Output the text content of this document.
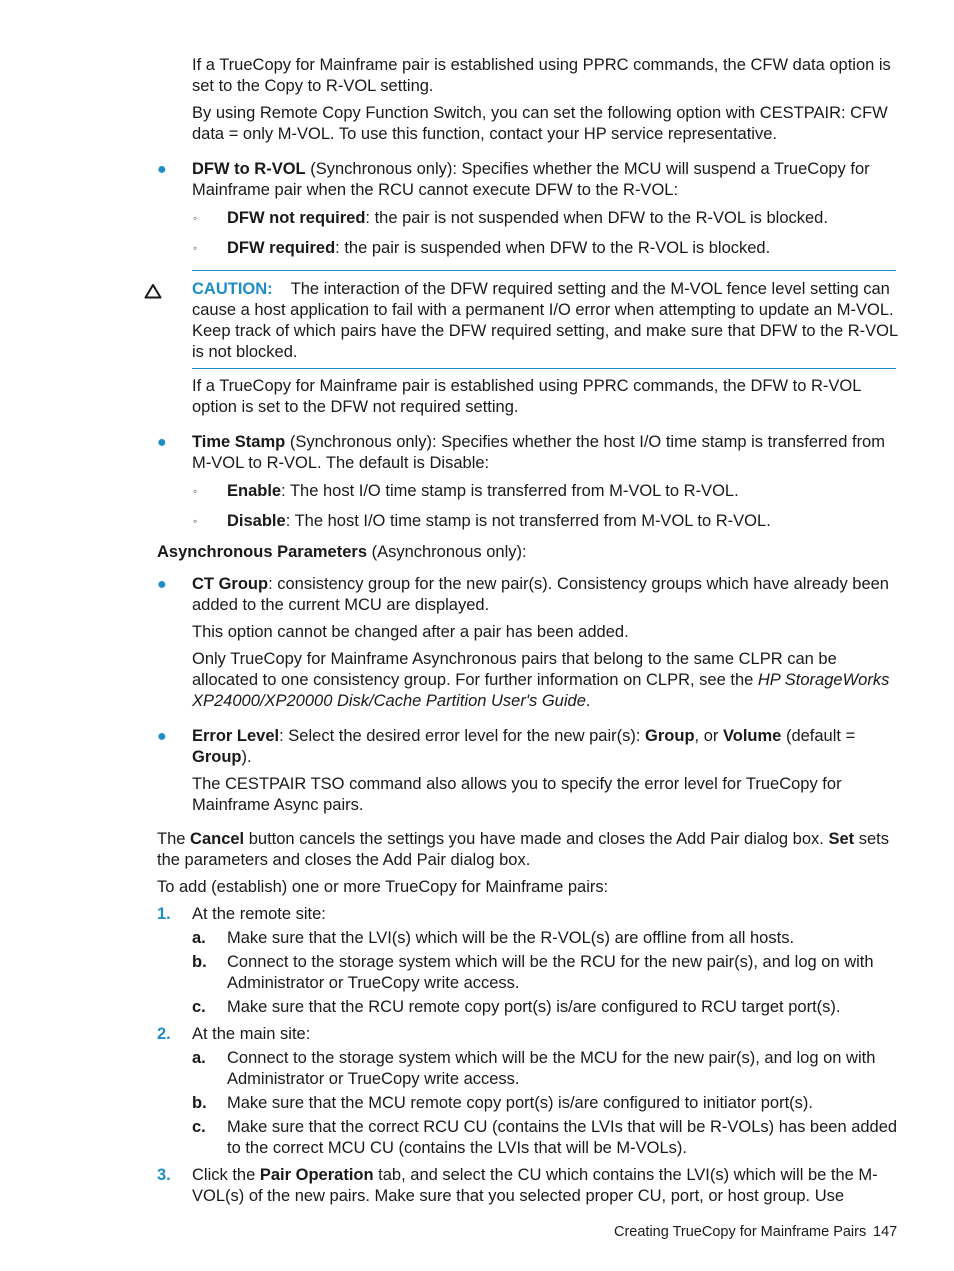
If a TrueCopy for Mainframe pair is established using PPRC commands, the CFW data option is set to the Copy to R-VOL setting.

By using Remote Copy Function Switch, you can set the following option with CESTPAIR: CFW data = only M-VOL. To use this function, contact your HP service representative.

● DFW to R-VOL (Synchronous only): Specifies whether the MCU will suspend a TrueCopy for Mainframe pair when the RCU cannot execute DFW to the R-VOL:

◦ DFW not required: the pair is not suspended when DFW to the R-VOL is blocked.

◦ DFW required: the pair is suspended when DFW to the R-VOL is blocked.

CAUTION: The interaction of the DFW required setting and the M-VOL fence level setting can cause a host application to fail with a permanent I/O error when attempting to update an M-VOL. Keep track of which pairs have the DFW required setting, and make sure that DFW to the R-VOL is not blocked.

If a TrueCopy for Mainframe pair is established using PPRC commands, the DFW to R-VOL option is set to the DFW not required setting.

● Time Stamp (Synchronous only): Specifies whether the host I/O time stamp is transferred from M-VOL to R-VOL. The default is Disable:

◦ Enable: The host I/O time stamp is transferred from M-VOL to R-VOL.

◦ Disable: The host I/O time stamp is not transferred from M-VOL to R-VOL.

Asynchronous Parameters (Asynchronous only):

● CT Group: consistency group for the new pair(s). Consistency groups which have already been added to the current MCU are displayed.

This option cannot be changed after a pair has been added.

Only TrueCopy for Mainframe Asynchronous pairs that belong to the same CLPR can be allocated to one consistency group. For further information on CLPR, see the HP StorageWorks XP24000/XP20000 Disk/Cache Partition User's Guide.

● Error Level: Select the desired error level for the new pair(s): Group, or Volume (default = Group).

The CESTPAIR TSO command also allows you to specify the error level for TrueCopy for Mainframe Async pairs.

The Cancel button cancels the settings you have made and closes the Add Pair dialog box. Set sets the parameters and closes the Add Pair dialog box.

To add (establish) one or more TrueCopy for Mainframe pairs:

1. At the remote site:

a. Make sure that the LVI(s) which will be the R-VOL(s) are offline from all hosts.

b. Connect to the storage system which will be the RCU for the new pair(s), and log on with Administrator or TrueCopy write access.

c. Make sure that the RCU remote copy port(s) is/are configured to RCU target port(s).

2. At the main site:

a. Connect to the storage system which will be the MCU for the new pair(s), and log on with Administrator or TrueCopy write access.

b. Make sure that the MCU remote copy port(s) is/are configured to initiator port(s).

c. Make sure that the correct RCU CU (contains the LVIs that will be R-VOLs) has been added to the correct MCU CU (contains the LVIs that will be M-VOLs).

3. Click the Pair Operation tab, and select the CU which contains the LVI(s) which will be the M-VOL(s) of the new pairs. Make sure that you selected proper CU, port, or host group. Use

Creating TrueCopy for Mainframe Pairs 147
